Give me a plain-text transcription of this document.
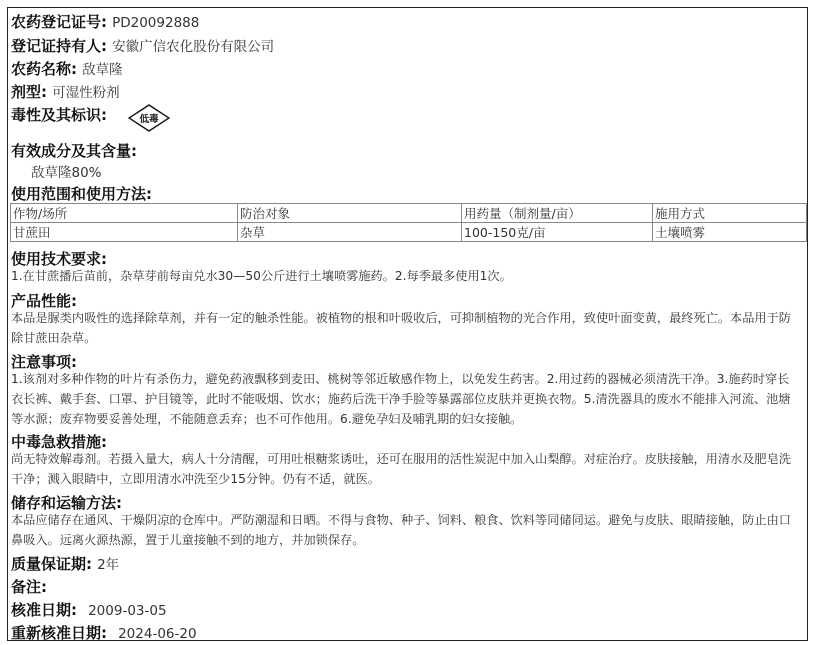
农药登记证号: PD20092888
登记证持有人: 安徽广信农化股份有限公司
农药名称: 敌草隆
剂型: 可湿性粉剂
毒性及其标识:	低毒
有效成分及其含量:
敌草隆80%
使用范围和使用方法:
作物/场所	防治对象	用药量（制剂量/亩）	施用方式
甘蔗田	杂草	100-150克/亩	土壤喷雾
使用技术要求:
1.在甘蔗播后苗前，杂草芽前每亩兑水30—50公斤进行土壤喷雾施药。2.每季最多使用1次。
产品性能:
本品是脲类内吸性的选择除草剂，并有一定的触杀性能。被植物的根和叶吸收后，可抑制植物的光合作用，致使叶面变黄，最终死亡。本品用于防除甘蔗田杂草。
注意事项:
1.该剂对多种作物的叶片有杀伤力，避免药液飘移到麦田、桃树等邻近敏感作物上，以免发生药害。2.用过药的器械必须清洗干净。3.施药时穿长衣长裤、戴手套、口罩、护目镜等，此时不能吸烟、饮水；施药后洗干净手脸等暴露部位皮肤并更换衣物。5.清洗器具的废水不能排入河流、池塘等水源；废弃物要妥善处理，不能随意丢弃；也不可作他用。6.避免孕妇及哺乳期的妇女接触。
中毒急救措施:
尚无特效解毒剂。若摄入量大，病人十分清醒，可用吐根糖浆诱吐，还可在服用的活性炭泥中加入山梨醇。对症治疗。皮肤接触，用清水及肥皂洗干净；溅入眼睛中，立即用清水冲洗至少15分钟。仍有不适，就医。
储存和运输方法:
本品应储存在通风、干燥阴凉的仓库中。严防潮湿和日晒。不得与食物、种子、饲料、粮食、饮料等同储同运。避免与皮肤、眼睛接触，防止由口鼻吸入。远离火源热源，置于儿童接触不到的地方，并加锁保存。
质量保证期: 2年
备注:
核准日期: 2009-03-05
重新核准日期: 2024-06-20
